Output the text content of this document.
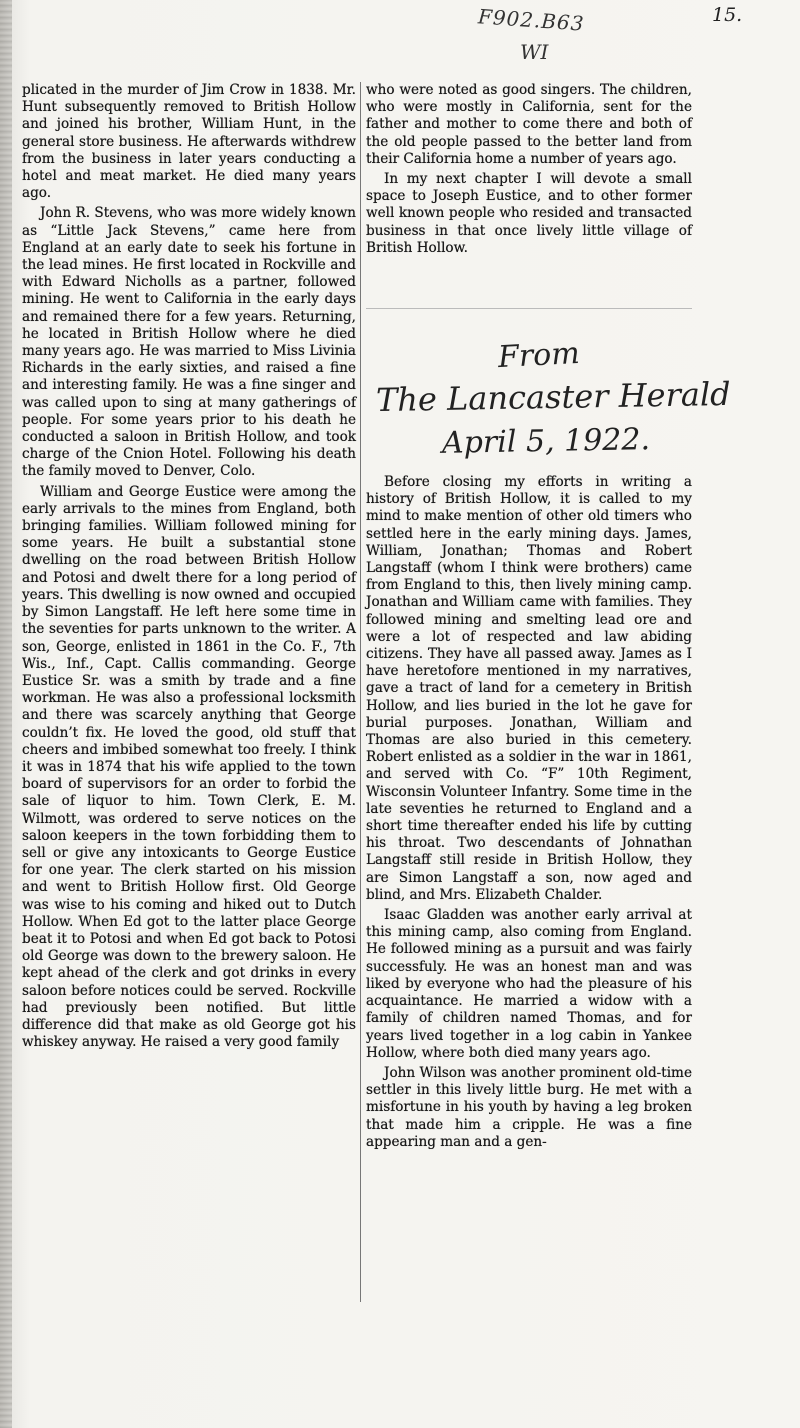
F902.B63
WI
15.

plicated in the murder of Jim Crow in 1838. Mr. Hunt subsequently removed to British Hollow and joined his brother, William Hunt, in the general store business. He afterwards withdrew from the business in later years conducting a hotel and meat market. He died many years ago.

John R. Stevens, who was more widely known as “Little Jack Stevens,” came here from England at an early date to seek his fortune in the lead mines. He first located in Rockville and with Edward Nicholls as a partner, followed mining. He went to California in the early days and remained there for a few years. Returning, he located in British Hollow where he died many years ago. He was married to Miss Livinia Richards in the early sixties, and raised a fine and interesting family. He was a fine singer and was called upon to sing at many gatherings of people. For some years prior to his death he conducted a saloon in British Hollow, and took charge of the Cnion Hotel. Following his death the family moved to Denver, Colo.

William and George Eustice were among the early arrivals to the mines from England, both bringing families. William followed mining for some years. He built a substantial stone dwelling on the road between British Hollow and Potosi and dwelt there for a long period of years. This dwelling is now owned and occupied by Simon Langstaff. He left here some time in the seventies for parts unknown to the writer. A son, George, enlisted in 1861 in the Co. F., 7th Wis., Inf., Capt. Callis commanding. George Eustice Sr. was a smith by trade and a fine workman. He was also a professional locksmith and there was scarcely anything that George couldn’t fix. He loved the good, old stuff that cheers and imbibed somewhat too freely. I think it was in 1874 that his wife applied to the town board of supervisors for an order to forbid the sale of liquor to him. Town Clerk, E. M. Wilmott, was ordered to serve notices on the saloon keepers in the town forbidding them to sell or give any intoxicants to George Eustice for one year. The clerk started on his mission and went to British Hollow first. Old George was wise to his coming and hiked out to Dutch Hollow. When Ed got to the latter place George beat it to Potosi and when Ed got back to Potosi old George was down to the brewery saloon. He kept ahead of the clerk and got drinks in every saloon before notices could be served. Rockville had previously been notified. But little difference did that make as old George got his whiskey anyway. He raised a very good family

who were noted as good singers. The children, who were mostly in California, sent for the father and mother to come there and both of the old people passed to the better land from their California home a number of years ago.

In my next chapter I will devote a small space to Joseph Eustice, and to other former well known people who resided and transacted business in that once lively little village of British Hollow.

From
The Lancaster Herald
April 5, 1922.

Before closing my efforts in writing a history of British Hollow, it is called to my mind to make mention of other old timers who settled here in the early mining days. James, William, Jonathan; Thomas and Robert Langstaff (whom I think were brothers) came from England to this, then lively mining camp. Jonathan and William came with families. They followed mining and smelting lead ore and were a lot of respected and law abiding citizens. They have all passed away. James as I have heretofore mentioned in my narratives, gave a tract of land for a cemetery in British Hollow, and lies buried in the lot he gave for burial purposes. Jonathan, William and Thomas are also buried in this cemetery. Robert enlisted as a soldier in the war in 1861, and served with Co. “F” 10th Regiment, Wisconsin Volunteer Infantry. Some time in the late seventies he returned to England and a short time thereafter ended his life by cutting his throat. Two descendants of Johnathan Langstaff still reside in British Hollow, they are Simon Langstaff a son, now aged and blind, and Mrs. Elizabeth Chalder.

Isaac Gladden was another early arrival at this mining camp, also coming from England. He followed mining as a pursuit and was fairly successfuly. He was an honest man and was liked by everyone who had the pleasure of his acquaintance. He married a widow with a family of children named Thomas, and for years lived together in a log cabin in Yankee Hollow, where both died many years ago.

John Wilson was another prominent old-time settler in this lively little burg. He met with a misfortune in his youth by having a leg broken that made him a cripple. He was a fine appearing man and a gen-
